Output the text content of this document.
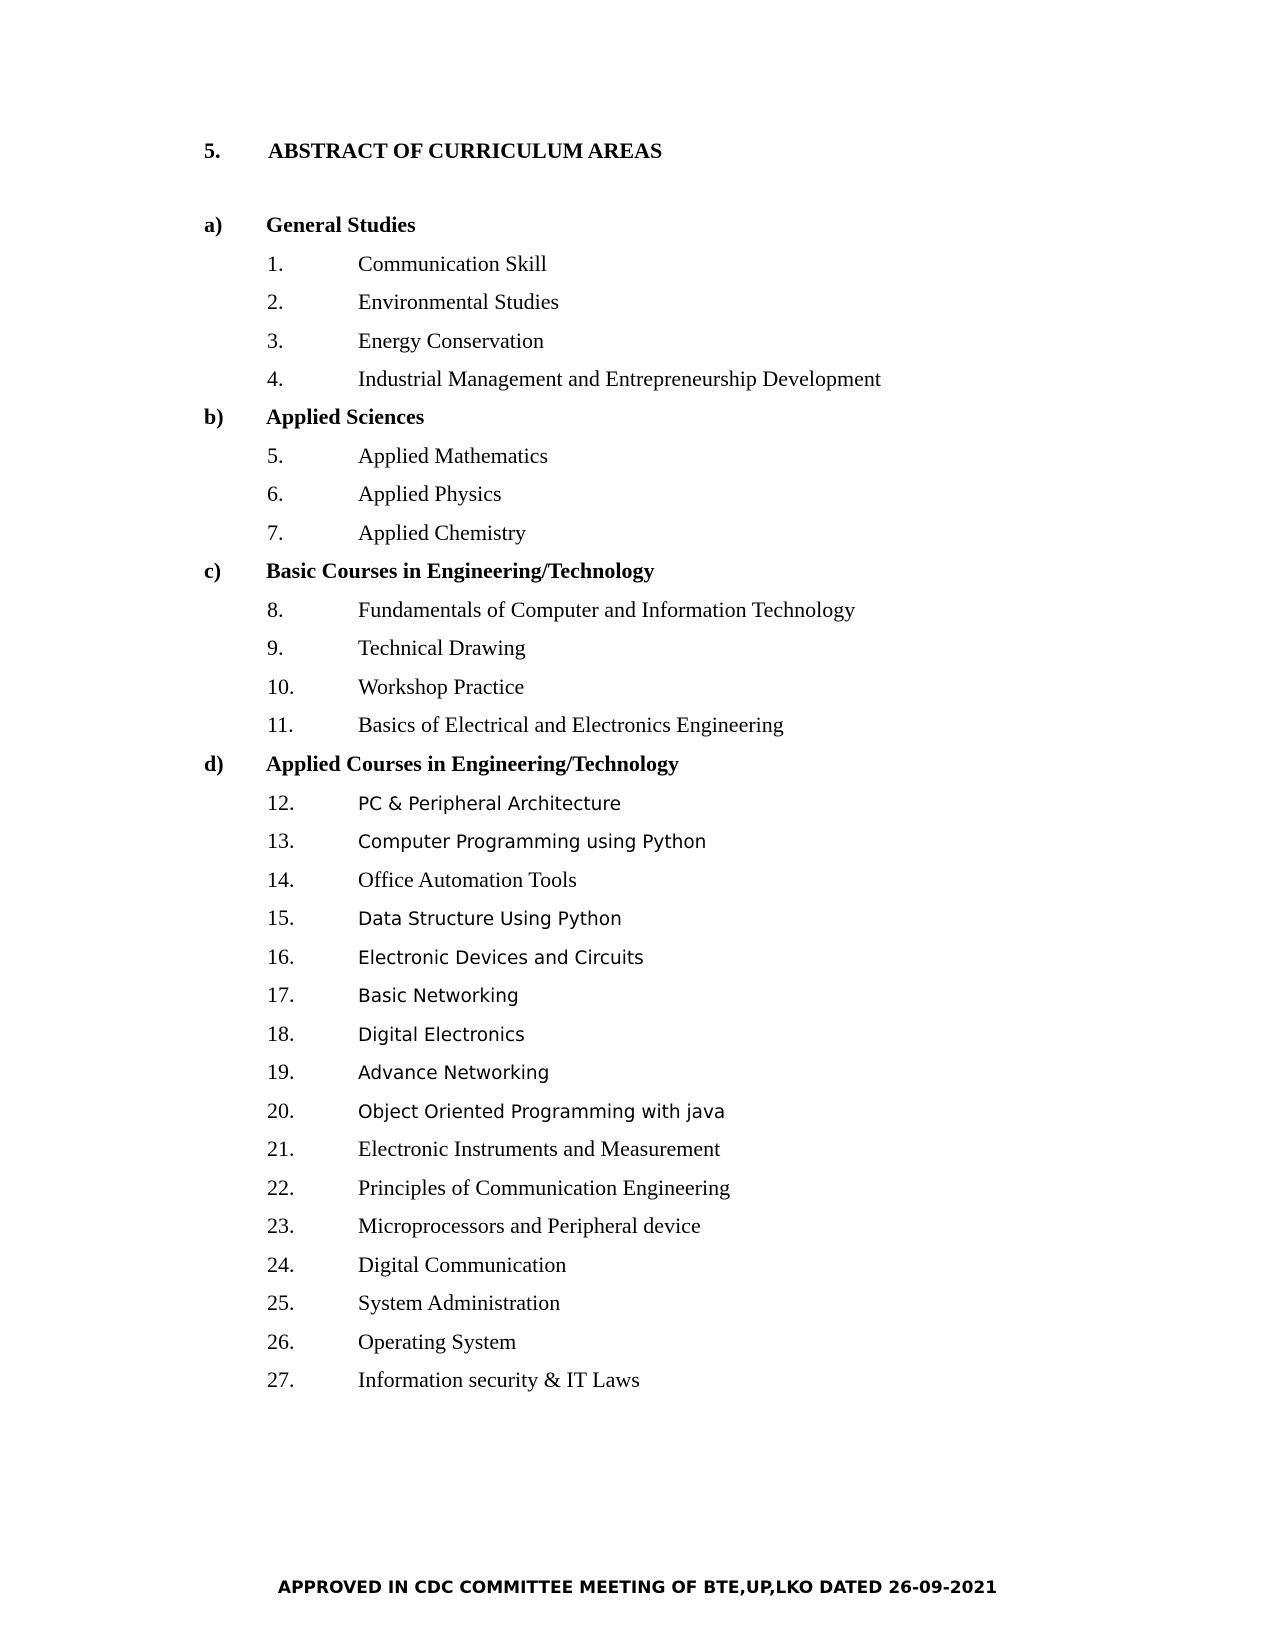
5. ABSTRACT OF CURRICULUM AREAS
a) General Studies
1.	Communication Skill
2.	Environmental Studies
3.	Energy Conservation
4.	Industrial Management and Entrepreneurship Development
b) Applied Sciences
5.	Applied Mathematics
6.	Applied Physics
7.	Applied Chemistry
c) Basic Courses in Engineering/Technology
8.	Fundamentals of Computer and Information Technology
9.	Technical Drawing
10.	Workshop Practice
11.	Basics of Electrical and Electronics Engineering
d) Applied Courses in Engineering/Technology
12.	PC & Peripheral Architecture
13.	Computer Programming using Python
14.	Office Automation Tools
15.	Data Structure Using Python
16.	Electronic Devices and Circuits
17.	Basic Networking
18.	Digital Electronics
19.	Advance Networking
20.	Object Oriented Programming with java
21.	Electronic Instruments and Measurement
22.	Principles of Communication Engineering
23.	Microprocessors and Peripheral device
24.	Digital Communication
25.	System Administration
26.	Operating System
27.	Information security & IT Laws
APPROVED IN CDC COMMITTEE MEETING OF BTE,UP,LKO DATED 26-09-2021
